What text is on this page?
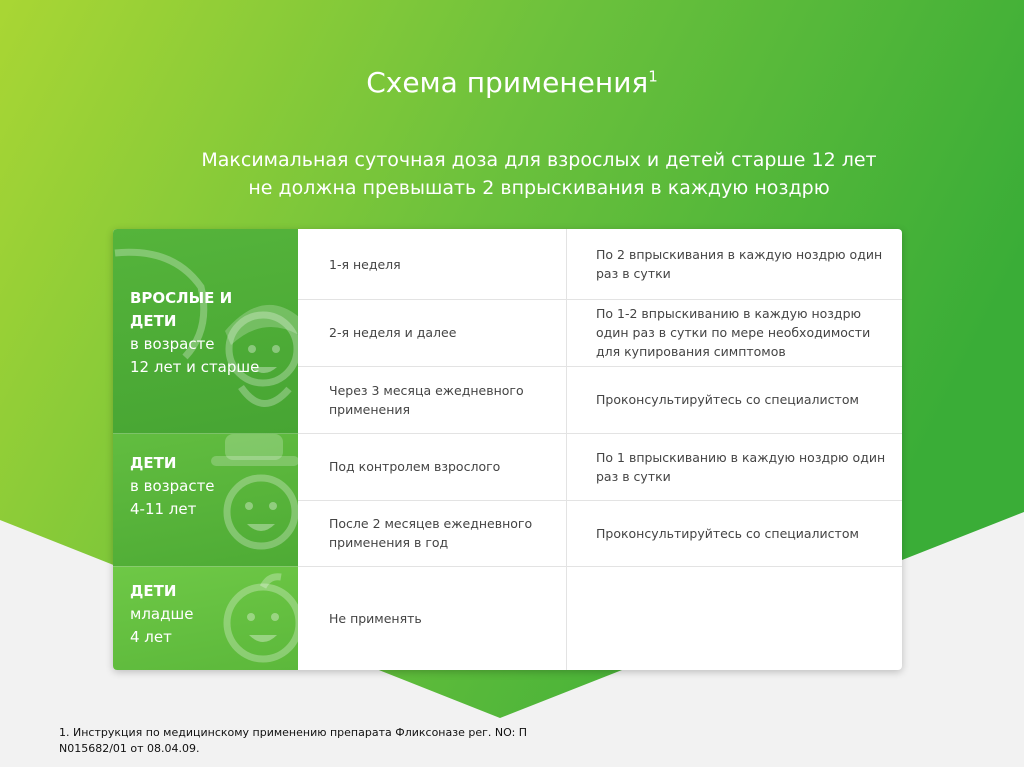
Схема применения$^1$
Максимальная суточная доза для взрослых и детей старше 12 лет
не должна превышать 2 впрыскивания в каждую ноздрю
ВРОСЛЫЕ И
ДЕТИ
в возрасте
12 лет и старше
ДЕТИ
в возрасте
4-11 лет
ДЕТИ
младше
4 лет
1-я неделя
По 2 впрыскивания в каждую ноздрю один раз в сутки
2-я неделя и далее
По 1-2 впрыскиванию в каждую ноздрю один раз в сутки по мере необходимости для купирования симптомов
Через 3 месяца ежедневного применения
Проконсультируйтесь со специалистом
Под контролем взрослого
По 1 впрыскиванию в каждую ноздрю один раз в сутки
После 2 месяцев ежедневного применения в год
Проконсультируйтесь со специалистом
Не применять
1. Инструкция по медицинскому применению препарата Фликсоназе рег. NO: П N015682/01 от 08.04.09.
